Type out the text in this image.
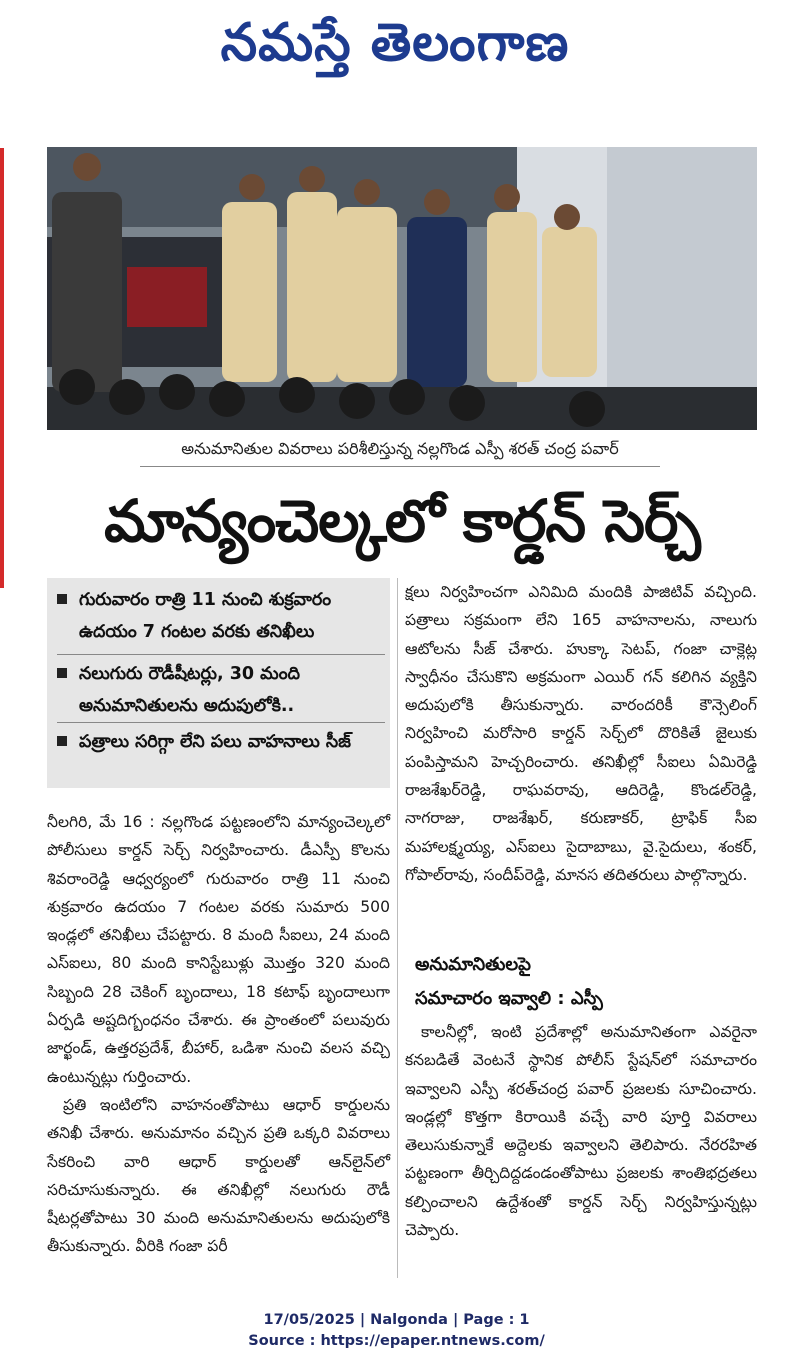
నమస్తే తెలంగాణ
అనుమానితుల వివరాలు పరిశీలిస్తున్న నల్లగొండ ఎస్పీ శరత్ చంద్ర పవార్
మాన్యంచెల్కలో కార్డన్ సెర్చ్
గురువారం రాత్రి 11 నుంచి శుక్రవారం ఉదయం 7 గంటల వరకు తనిఖీలు
నలుగురు రౌడీషీటర్లు, 30 మంది అనుమానితులను అదుపులోకి..
పత్రాలు సరిగ్గా లేని పలు వాహనాలు సీజ్

నీలగిరి, మే 16 : నల్లగొండ పట్టణంలోని మాన్యంచెల్కలో పోలీసులు కార్డన్ సెర్చ్ నిర్వహించారు. డీఎస్పీ కొలను శివరాంరెడ్డి ఆధ్వర్యంలో గురువారం రాత్రి 11 నుంచి శుక్రవారం ఉదయం 7 గంటల వరకు సుమారు 500 ఇండ్లలో తనిఖీలు చేపట్టారు. 8 మంది సీఐలు, 24 మంది ఎస్ఐలు, 80 మంది కానిస్టేబుళ్లు మొత్తం 320 మంది సిబ్బంది 28 చెకింగ్ బృందాలు, 18 కటాఫ్ బృందాలుగా ఏర్పడి అష్టదిగ్బంధనం చేశారు. ఈ ప్రాంతంలో పలువురు జార్ఖండ్, ఉత్తరప్రదేశ్, బీహార్, ఒడిశా నుంచి వలస వచ్చి ఉంటున్నట్లు గుర్తించారు.

ప్రతి ఇంటిలోని వాహనంతోపాటు ఆధార్ కార్డులను తనిఖీ చేశారు. అనుమానం వచ్చిన ప్రతి ఒక్కరి వివరాలు సేకరించి వారి ఆధార్ కార్డులతో ఆన్‌లైన్‌లో సరిచూసుకున్నారు. ఈ తనిఖీల్లో నలుగురు రౌడీ షీటర్లతోపాటు 30 మంది అనుమానితులను అదుపులోకి తీసుకున్నారు. వీరికి గంజా పరీ

క్షలు నిర్వహించగా ఎనిమిది మందికి పాజిటివ్ వచ్చింది. పత్రాలు సక్రమంగా లేని 165 వాహనాలను, నాలుగు ఆటోలను సీజ్ చేశారు. హుక్కా సెటప్, గంజా చాక్లెట్ల స్వాధీనం చేసుకొని అక్రమంగా ఎయిర్ గన్ కలిగిన వ్యక్తిని అదుపులోకి తీసుకున్నారు. వారందరికీ కౌన్సెలింగ్ నిర్వహించి మరోసారి కార్డన్ సెర్చ్‌లో దొరికితే జైలుకు పంపిస్తామని హెచ్చరించారు. తనిఖీల్లో సీఐలు ఏమిరెడ్డి రాజశేఖర్‌రెడ్డి, రాఘవరావు, ఆదిరెడ్డి, కొండల్‌రెడ్డి, నాగరాజు, రాజశేఖర్, కరుణాకర్, ట్రాఫిక్ సీఐ మహాలక్ష్మయ్య, ఎస్ఐలు సైదాబాబు, వై.సైదులు, శంకర్, గోపాల్‌రావు, సందీప్‌రెడ్డి, మానస తదితరులు పాల్గొన్నారు.

అనుమానితులపై
సమాచారం ఇవ్వాలి : ఎస్పీ

కాలనీల్లో, ఇంటి ప్రదేశాల్లో అనుమానితంగా ఎవరైనా కనబడితే వెంటనే స్థానిక పోలీస్ స్టేషన్‌లో సమాచారం ఇవ్వాలని ఎస్పీ శరత్‌చంద్ర పవార్ ప్రజలకు సూచించారు. ఇండ్లల్లో కొత్తగా కిరాయికి వచ్చే వారి పూర్తి వివరాలు తెలుసుకున్నాకే అద్దెలకు ఇవ్వాలని తెలిపారు. నేరరహిత పట్టణంగా తీర్చిదిద్దడండంతోపాటు ప్రజలకు శాంతిభద్రతలు కల్పించాలని ఉద్దేశంతో కార్డన్ సెర్చ్ నిర్వహిస్తున్నట్లు చెప్పారు.

17/05/2025 | Nalgonda | Page : 1
Source : https://epaper.ntnews.com/
